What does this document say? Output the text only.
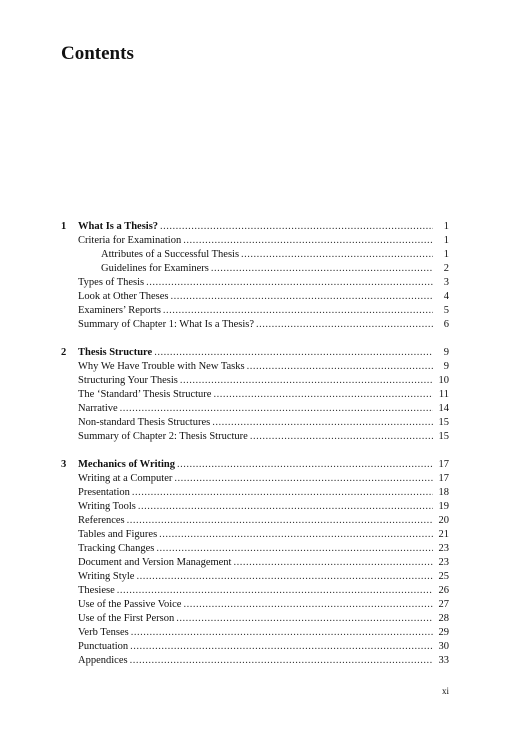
Contents
1	What Is a Thesis? .....	1
Criteria for Examination .....	1
Attributes of a Successful Thesis .....	1
Guidelines for Examiners .....	2
Types of Thesis .....	3
Look at Other Theses .....	4
Examiners’ Reports .....	5
Summary of Chapter 1: What Is a Thesis? .....	6
2	Thesis Structure .....	9
Why We Have Trouble with New Tasks .....	9
Structuring Your Thesis .....	10
The ‘Standard’ Thesis Structure .....	11
Narrative .....	14
Non-standard Thesis Structures .....	15
Summary of Chapter 2: Thesis Structure .....	15
3	Mechanics of Writing .....	17
Writing at a Computer .....	17
Presentation .....	18
Writing Tools .....	19
References .....	20
Tables and Figures .....	21
Tracking Changes .....	23
Document and Version Management .....	23
Writing Style .....	25
Thesiese .....	26
Use of the Passive Voice .....	27
Use of the First Person .....	28
Verb Tenses .....	29
Punctuation .....	30
Appendices .....	33
xi
